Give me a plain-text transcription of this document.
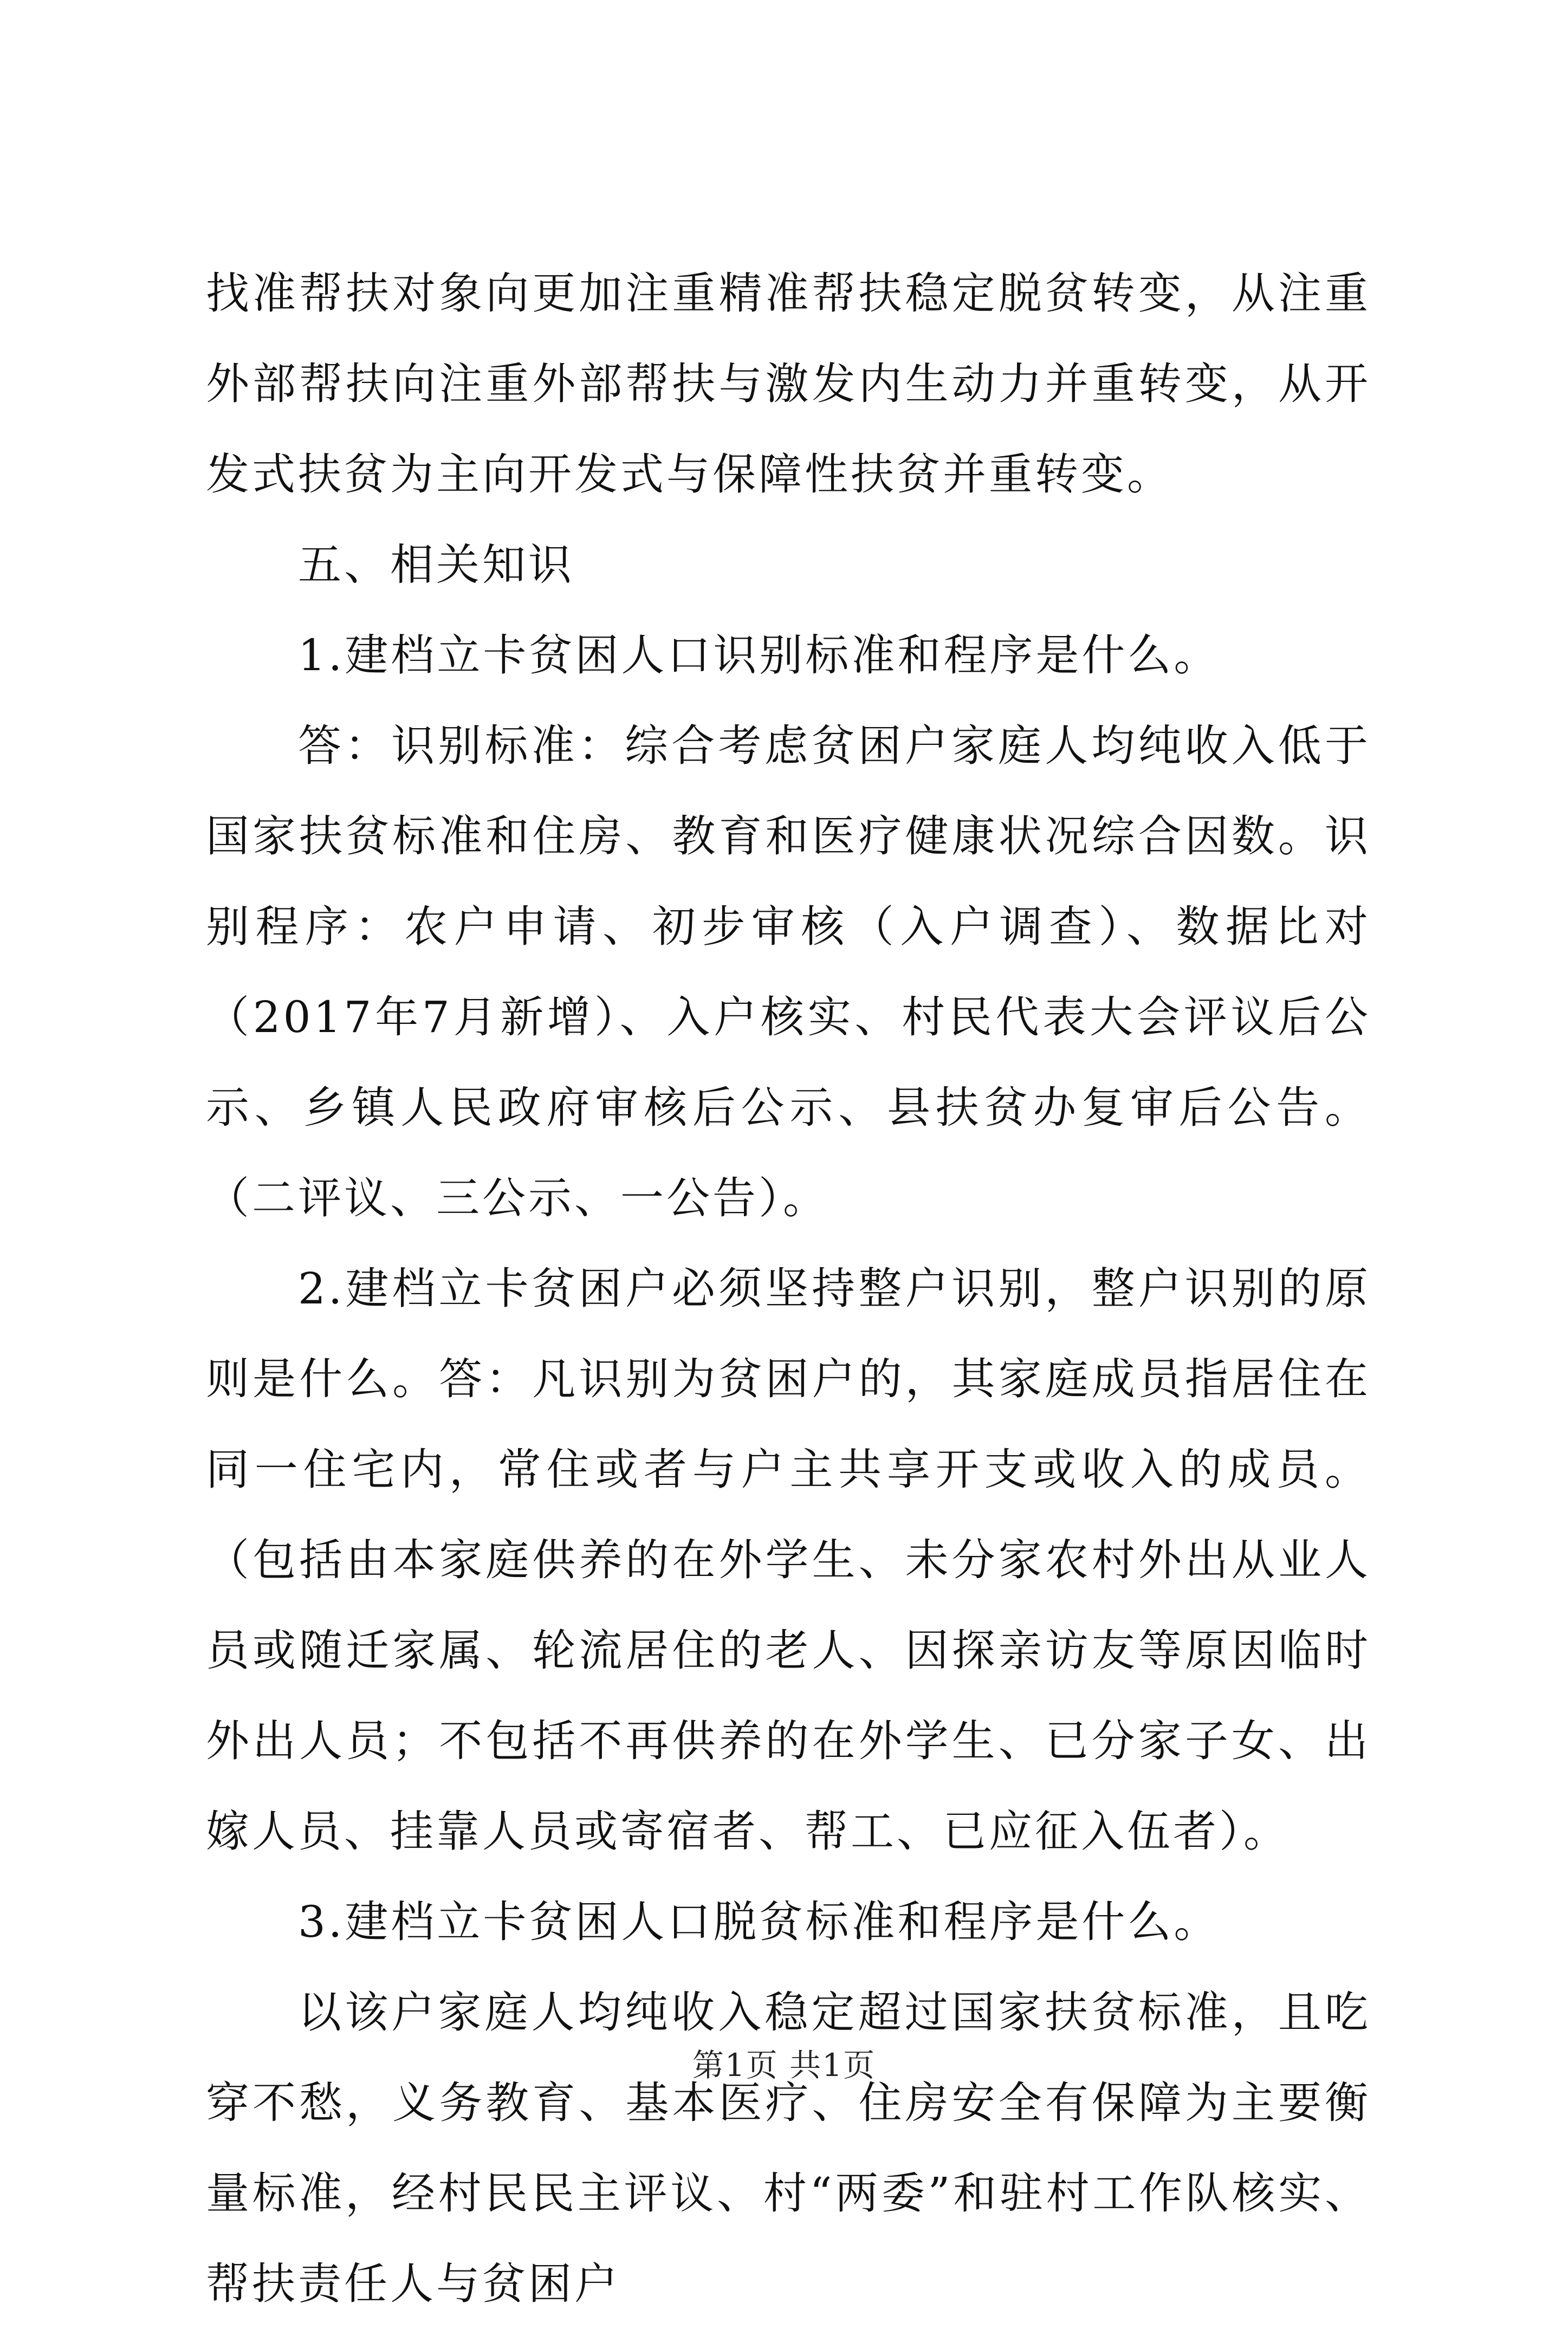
找准帮扶对象向更加注重精准帮扶稳定脱贫转变，从注重外部帮扶向注重外部帮扶与激发内生动力并重转变，从开发式扶贫为主向开发式与保障性扶贫并重转变。

五、相关知识

1.建档立卡贫困人口识别标准和程序是什么。

答：识别标准：综合考虑贫困户家庭人均纯收入低于国家扶贫标准和住房、教育和医疗健康状况综合因数。识别程序：农户申请、初步审核（入户调查）、数据比对（2017年7月新增）、入户核实、村民代表大会评议后公示、乡镇人民政府审核后公示、县扶贫办复审后公告。（二评议、三公示、一公告）。

2.建档立卡贫困户必须坚持整户识别，整户识别的原则是什么。答：凡识别为贫困户的，其家庭成员指居住在同一住宅内，常住或者与户主共享开支或收入的成员。（包括由本家庭供养的在外学生、未分家农村外出从业人员或随迁家属、轮流居住的老人、因探亲访友等原因临时外出人员；不包括不再供养的在外学生、已分家子女、出嫁人员、挂靠人员或寄宿者、帮工、已应征入伍者）。

3.建档立卡贫困人口脱贫标准和程序是什么。

以该户家庭人均纯收入稳定超过国家扶贫标准，且吃穿不愁，义务教育、基本医疗、住房安全有保障为主要衡量标准，经村民民主评议、村“两委”和驻村工作队核实、帮扶责任人与贫困户

第1页 共1页
